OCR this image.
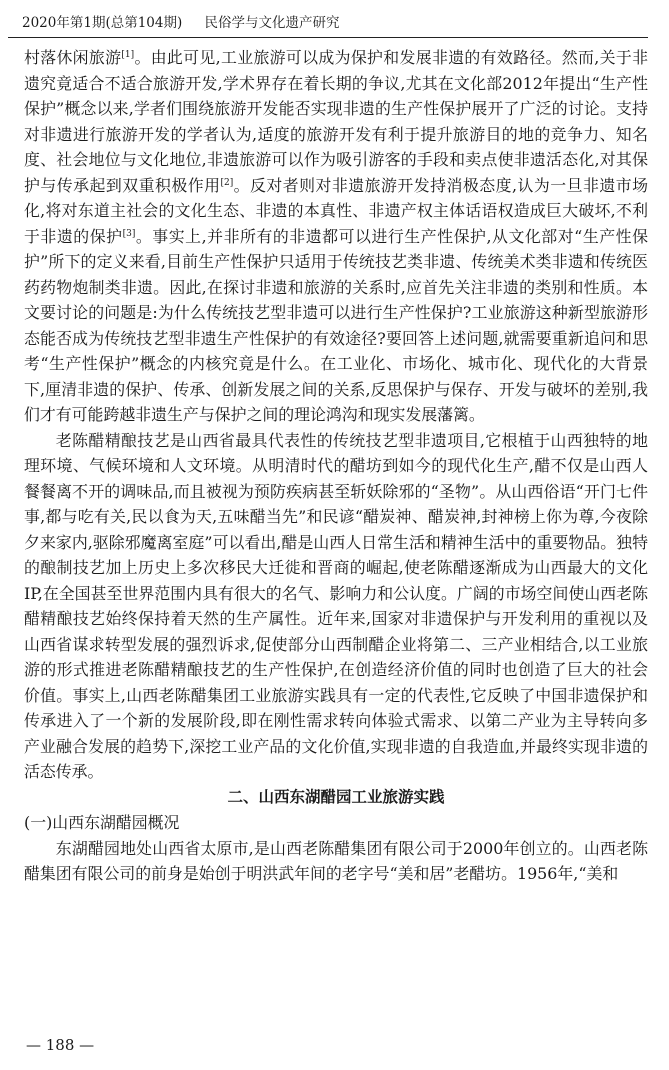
2020年第1期(总第104期) 民俗学与文化遗产研究

村落休闲旅游[1]。由此可见,工业旅游可以成为保护和发展非遗的有效路径。然而,关于非遗究竟适合不适合旅游开发,学术界存在着长期的争议,尤其在文化部2012年提出“生产性保护”概念以来,学者们围绕旅游开发能否实现非遗的生产性保护展开了广泛的讨论。支持对非遗进行旅游开发的学者认为,适度的旅游开发有利于提升旅游目的地的竞争力、知名度、社会地位与文化地位,非遗旅游可以作为吸引游客的手段和卖点使非遗活态化,对其保护与传承起到双重积极作用[2]。反对者则对非遗旅游开发持消极态度,认为一旦非遗市场化,将对东道主社会的文化生态、非遗的本真性、非遗产权主体话语权造成巨大破坏,不利于非遗的保护[3]。事实上,并非所有的非遗都可以进行生产性保护,从文化部对“生产性保护”所下的定义来看,目前生产性保护只适用于传统技艺类非遗、传统美术类非遗和传统医药药物炮制类非遗。因此,在探讨非遗和旅游的关系时,应首先关注非遗的类别和性质。本文要讨论的问题是:为什么传统技艺型非遗可以进行生产性保护?工业旅游这种新型旅游形态能否成为传统技艺型非遗生产性保护的有效途径?要回答上述问题,就需要重新追问和思考“生产性保护”概念的内核究竟是什么。在工业化、市场化、城市化、现代化的大背景下,厘清非遗的保护、传承、创新发展之间的关系,反思保护与保存、开发与破坏的差别,我们才有可能跨越非遗生产与保护之间的理论鸿沟和现实发展藩篱。

老陈醋精酿技艺是山西省最具代表性的传统技艺型非遗项目,它根植于山西独特的地理环境、气候环境和人文环境。从明清时代的醋坊到如今的现代化生产,醋不仅是山西人餐餐离不开的调味品,而且被视为预防疾病甚至斩妖除邪的“圣物”。从山西俗语“开门七件事,都与吃有关,民以食为天,五味醋当先”和民谚“醋炭神、醋炭神,封神榜上你为尊,今夜除夕来家内,驱除邪魔离室庭”可以看出,醋是山西人日常生活和精神生活中的重要物品。独特的酿制技艺加上历史上多次移民大迁徙和晋商的崛起,使老陈醋逐渐成为山西最大的文化IP,在全国甚至世界范围内具有很大的名气、影响力和公认度。广阔的市场空间使山西老陈醋精酿技艺始终保持着天然的生产属性。近年来,国家对非遗保护与开发利用的重视以及山西省谋求转型发展的强烈诉求,促使部分山西制醋企业将第二、三产业相结合,以工业旅游的形式推进老陈醋精酿技艺的生产性保护,在创造经济价值的同时也创造了巨大的社会价值。事实上,山西老陈醋集团工业旅游实践具有一定的代表性,它反映了中国非遗保护和传承进入了一个新的发展阶段,即在刚性需求转向体验式需求、以第二产业为主导转向多产业融合发展的趋势下,深挖工业产品的文化价值,实现非遗的自我造血,并最终实现非遗的活态传承。

二、山西东湖醋园工业旅游实践

(一)山西东湖醋园概况

东湖醋园地处山西省太原市,是山西老陈醋集团有限公司于2000年创立的。山西老陈醋集团有限公司的前身是始创于明洪武年间的老字号“美和居”老醋坊。1956年,“美和

— 188 —
